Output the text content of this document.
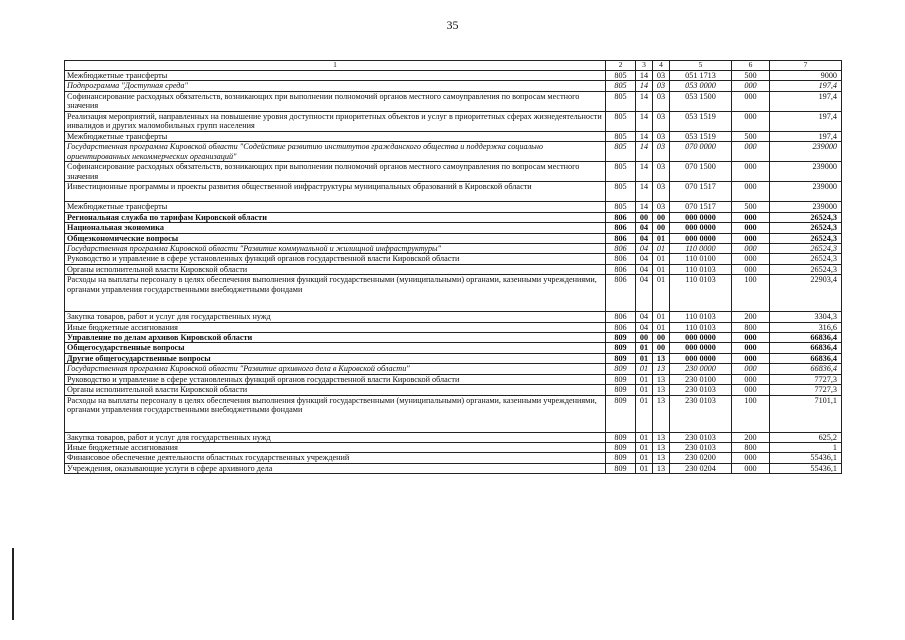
35
1	2	3	4	5	6	7
Межбюджетные трансферты	805	14	03	051 1713	500	9000
Подпрограмма "Доступная среда"	805	14	03	053 0000	000	197,4
Софинансирование расходных обязательств, возникающих при выполнении полномочий органов местного самоуправления по вопросам местного значения	805	14	03	053 1500	000	197,4
Реализация мероприятий, направленных на повышение уровня доступности приоритетных объектов и услуг в приоритетных сферах жизнедеятельности инвалидов и других маломобильных групп населения	805	14	03	053 1519	000	197,4
Межбюджетные трансферты	805	14	03	053 1519	500	197,4
Государственная программа Кировской области "Содействие развитию институтов гражданского общества и поддержка социально ориентированных некоммерческих организаций"	805	14	03	070 0000	000	239000
Софинансирование расходных обязательств, возникающих при выполнении полномочий органов местного самоуправления по вопросам местного значения	805	14	03	070 1500	000	239000
Инвестиционные программы и проекты развития общественной инфраструктуры муниципальных образований в Кировской области	805	14	03	070 1517	000	239000
Межбюджетные трансферты	805	14	03	070 1517	500	239000
Региональная служба по тарифам Кировской области	806	00	00	000 0000	000	26524,3
Национальная экономика	806	04	00	000 0000	000	26524,3
Общеэкономические вопросы	806	04	01	000 0000	000	26524,3
Государственная программа Кировской области "Развитие коммунальной и жилищной инфраструктуры"	806	04	01	110 0000	000	26524,3
Руководство и управление в сфере установленных функций органов государственной власти Кировской области	806	04	01	110 0100	000	26524,3
Органы исполнительной власти Кировской области	806	04	01	110 0103	000	26524,3
Расходы на выплаты персоналу в целях обеспечения выполнения функций государственными (муниципальными) органами, казенными учреждениями, органами управления государственными внебюджетными фондами	806	04	01	110 0103	100	22903,4
Закупка товаров, работ и услуг для государственных нужд	806	04	01	110 0103	200	3304,3
Иные бюджетные ассигнования	806	04	01	110 0103	800	316,6
Управление по делам архивов Кировской области	809	00	00	000 0000	000	66836,4
Общегосударственные вопросы	809	01	00	000 0000	000	66836,4
Другие общегосударственные вопросы	809	01	13	000 0000	000	66836,4
Государственная программа Кировской области "Развитие архивного дела в Кировской области"	809	01	13	230 0000	000	66836,4
Руководство и управление в сфере установленных функций органов государственной власти Кировской области	809	01	13	230 0100	000	7727,3
Органы исполнительной власти Кировской области	809	01	13	230 0103	000	7727,3
Расходы на выплаты персоналу в целях обеспечения выполнения функций государственными (муниципальными) органами, казенными учреждениями, органами управления государственными внебюджетными фондами	809	01	13	230 0103	100	7101,1
Закупка товаров, работ и услуг для государственных нужд	809	01	13	230 0103	200	625,2
Иные бюджетные ассигнования	809	01	13	230 0103	800	1
Финансовое обеспечение деятельности областных государственных учреждений	809	01	13	230 0200	000	55436,1
Учреждения, оказывающие услуги в сфере архивного дела	809	01	13	230 0204	000	55436,1
